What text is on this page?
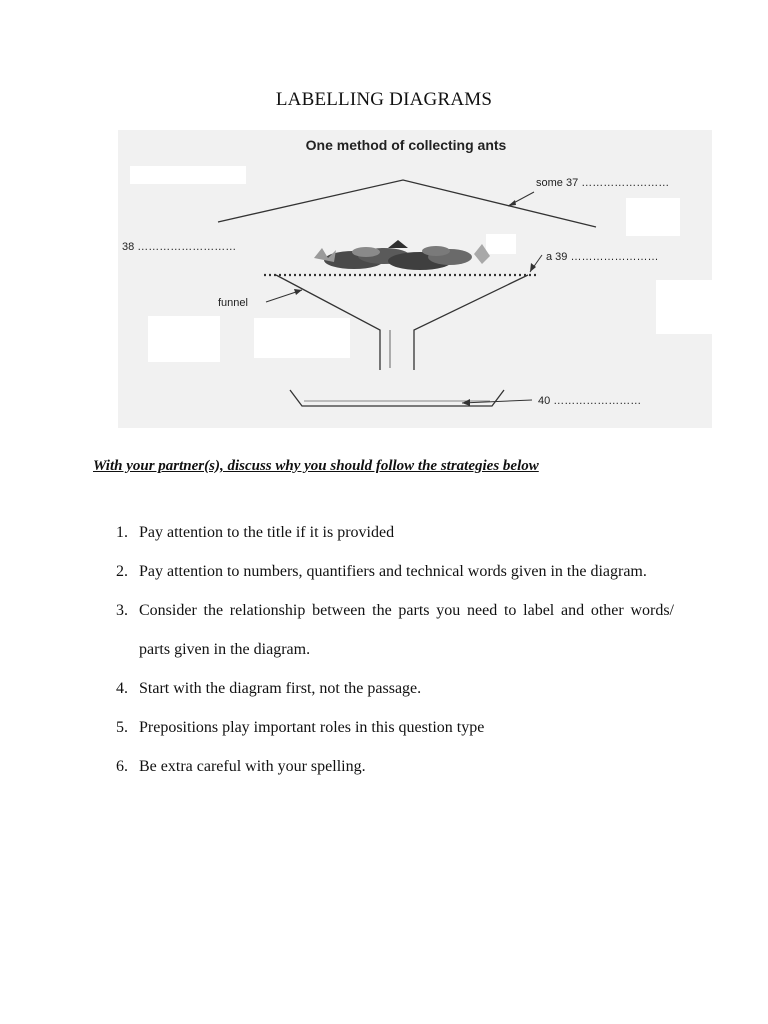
LABELLING DIAGRAMS
One method of collecting ants
some 37 ……………………
38 ………………………
a 39 ……………………
funnel
40 ……………………
With your partner(s), discuss why you should follow the strategies below
1. Pay attention to the title if it is provided
2. Pay attention to numbers, quantifiers and technical words given in the diagram.
3. Consider the relationship between the parts you need to label and other words/ parts given in the diagram.
4. Start with the diagram first, not the passage.
5. Prepositions play important roles in this question type
6. Be extra careful with your spelling.
